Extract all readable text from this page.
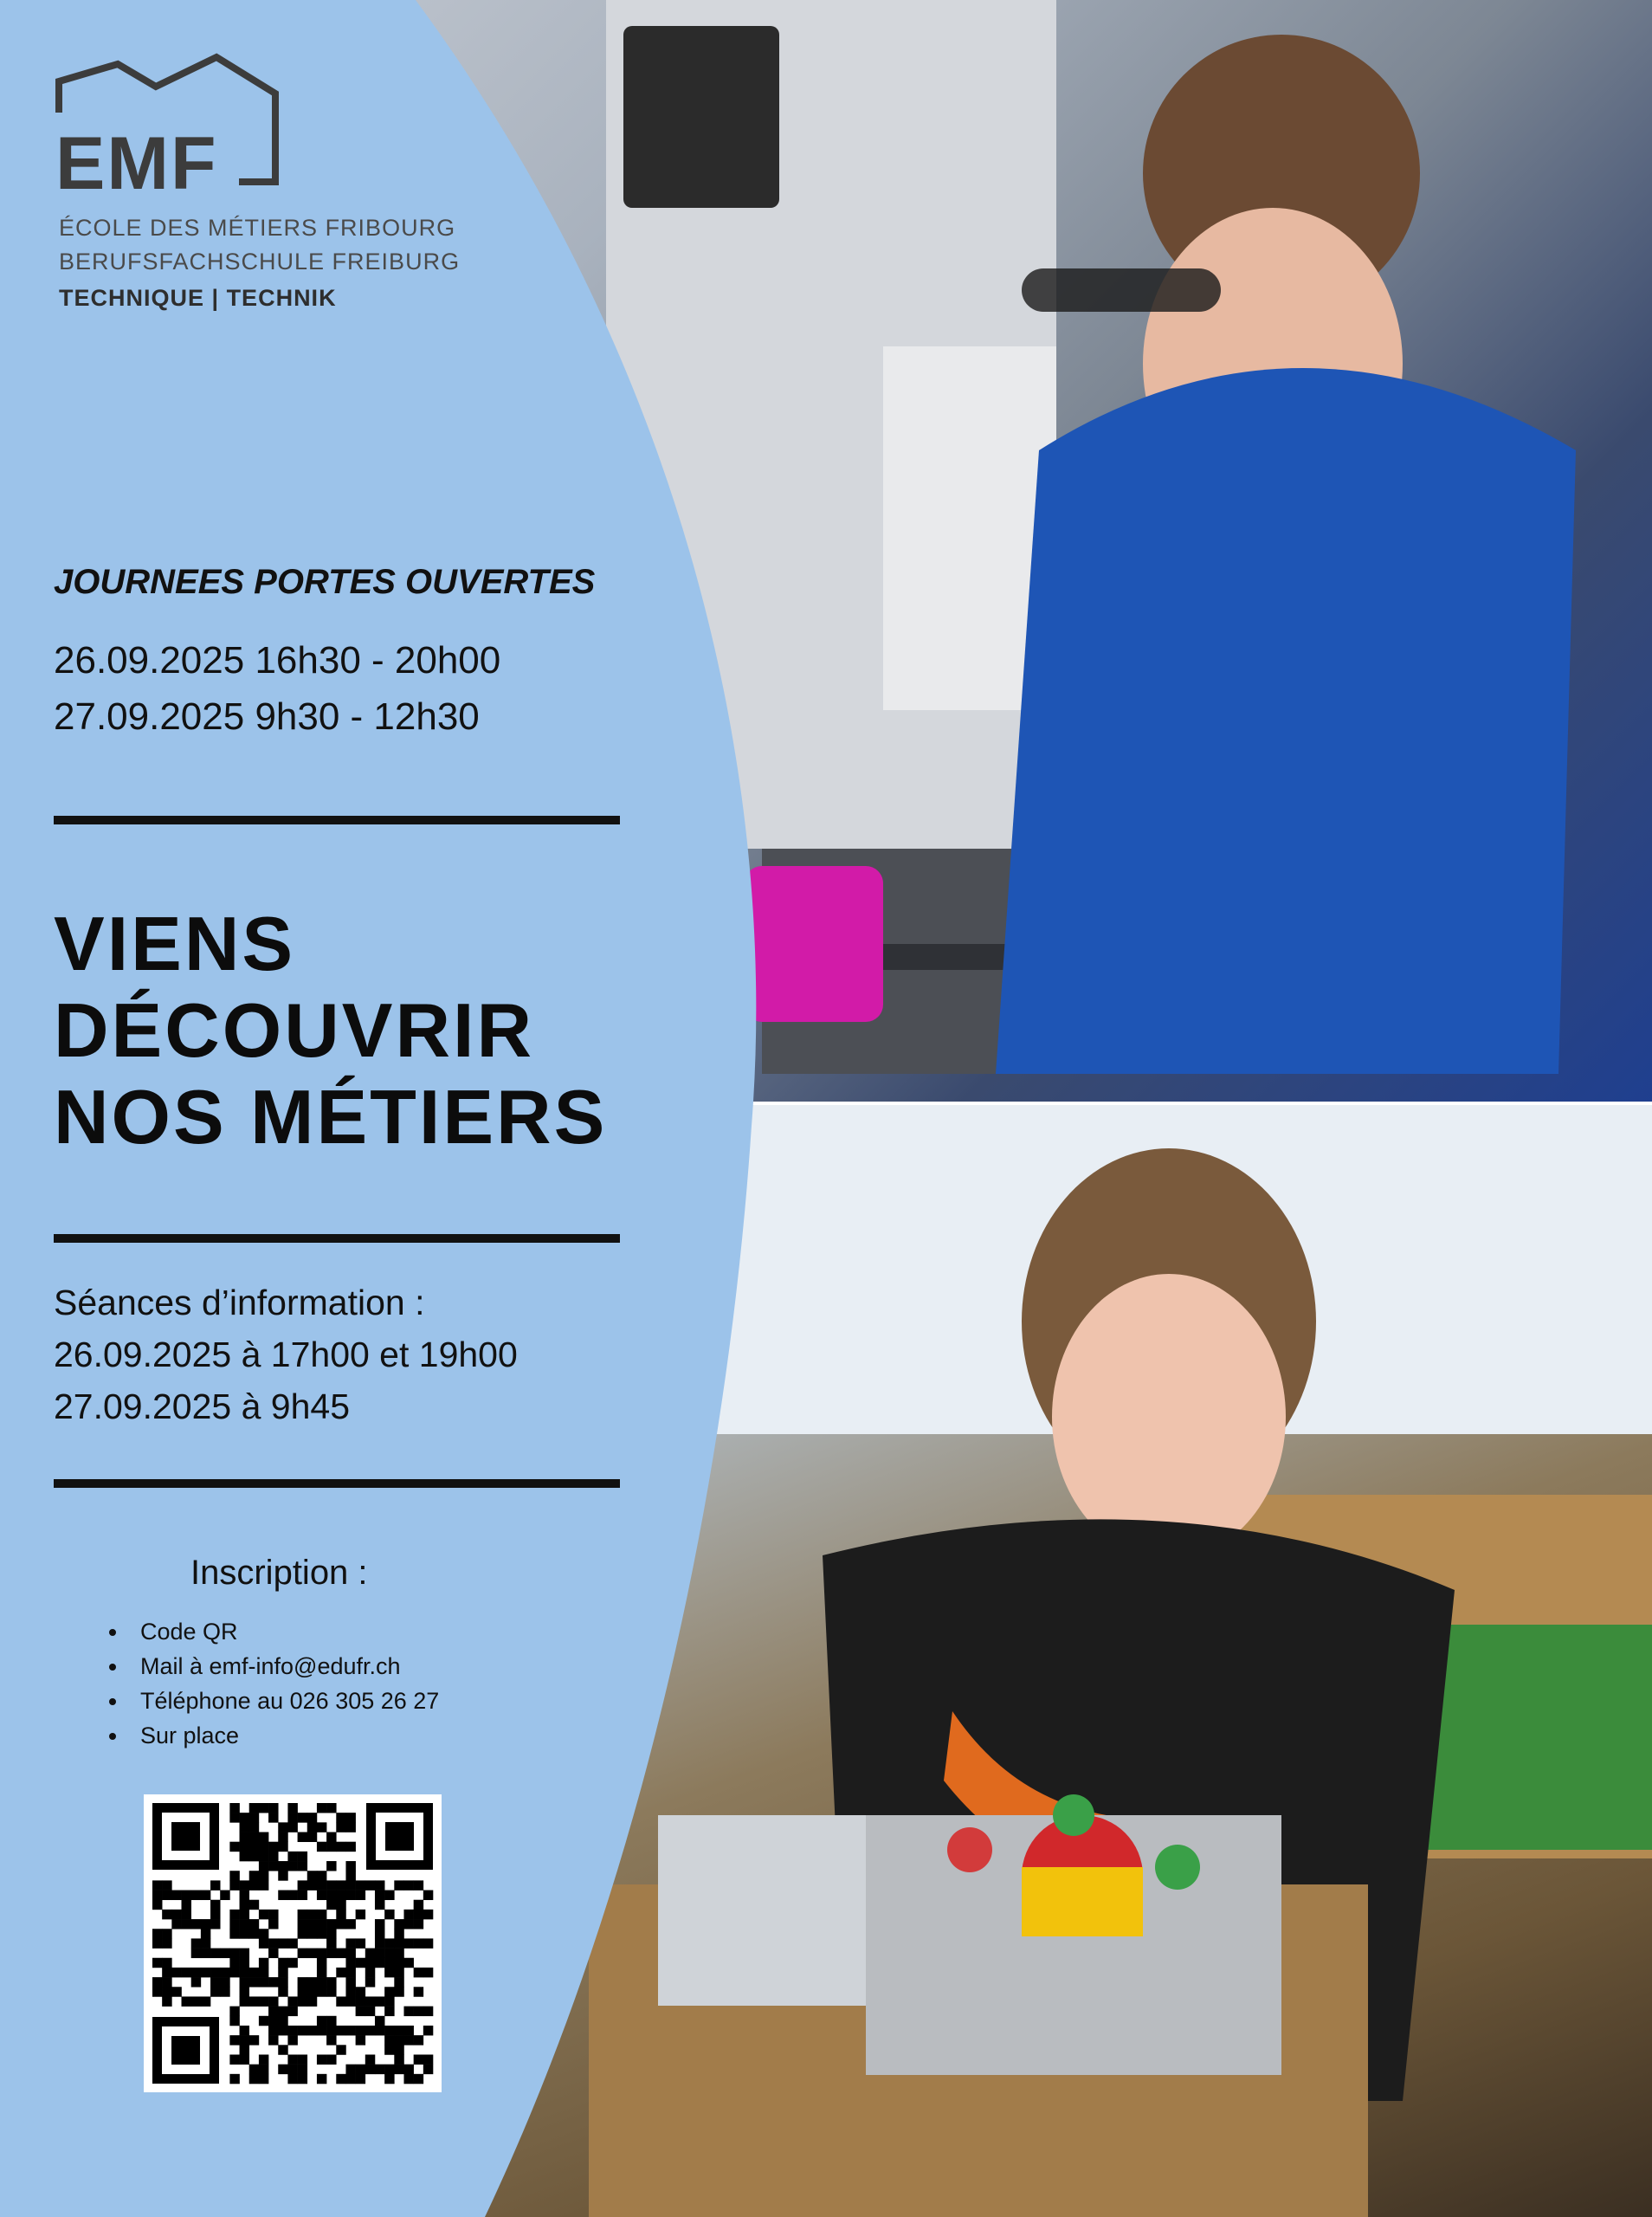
EMF
ÉCOLE DES MÉTIERS FRIBOURG
BERUFSFACHSCHULE FREIBURG
TECHNIQUE | TECHNIK
JOURNEES PORTES OUVERTES
26.09.2025 16h30 - 20h00
27.09.2025 9h30 - 12h30
VIENS
DÉCOUVRIR
NOS MÉTIERS
Séances d’information :
26.09.2025 à 17h00 et 19h00
27.09.2025 à 9h45
Inscription :
Code QR
Mail à emf-info@edufr.ch
Téléphone au 026 305 26 27
Sur place
